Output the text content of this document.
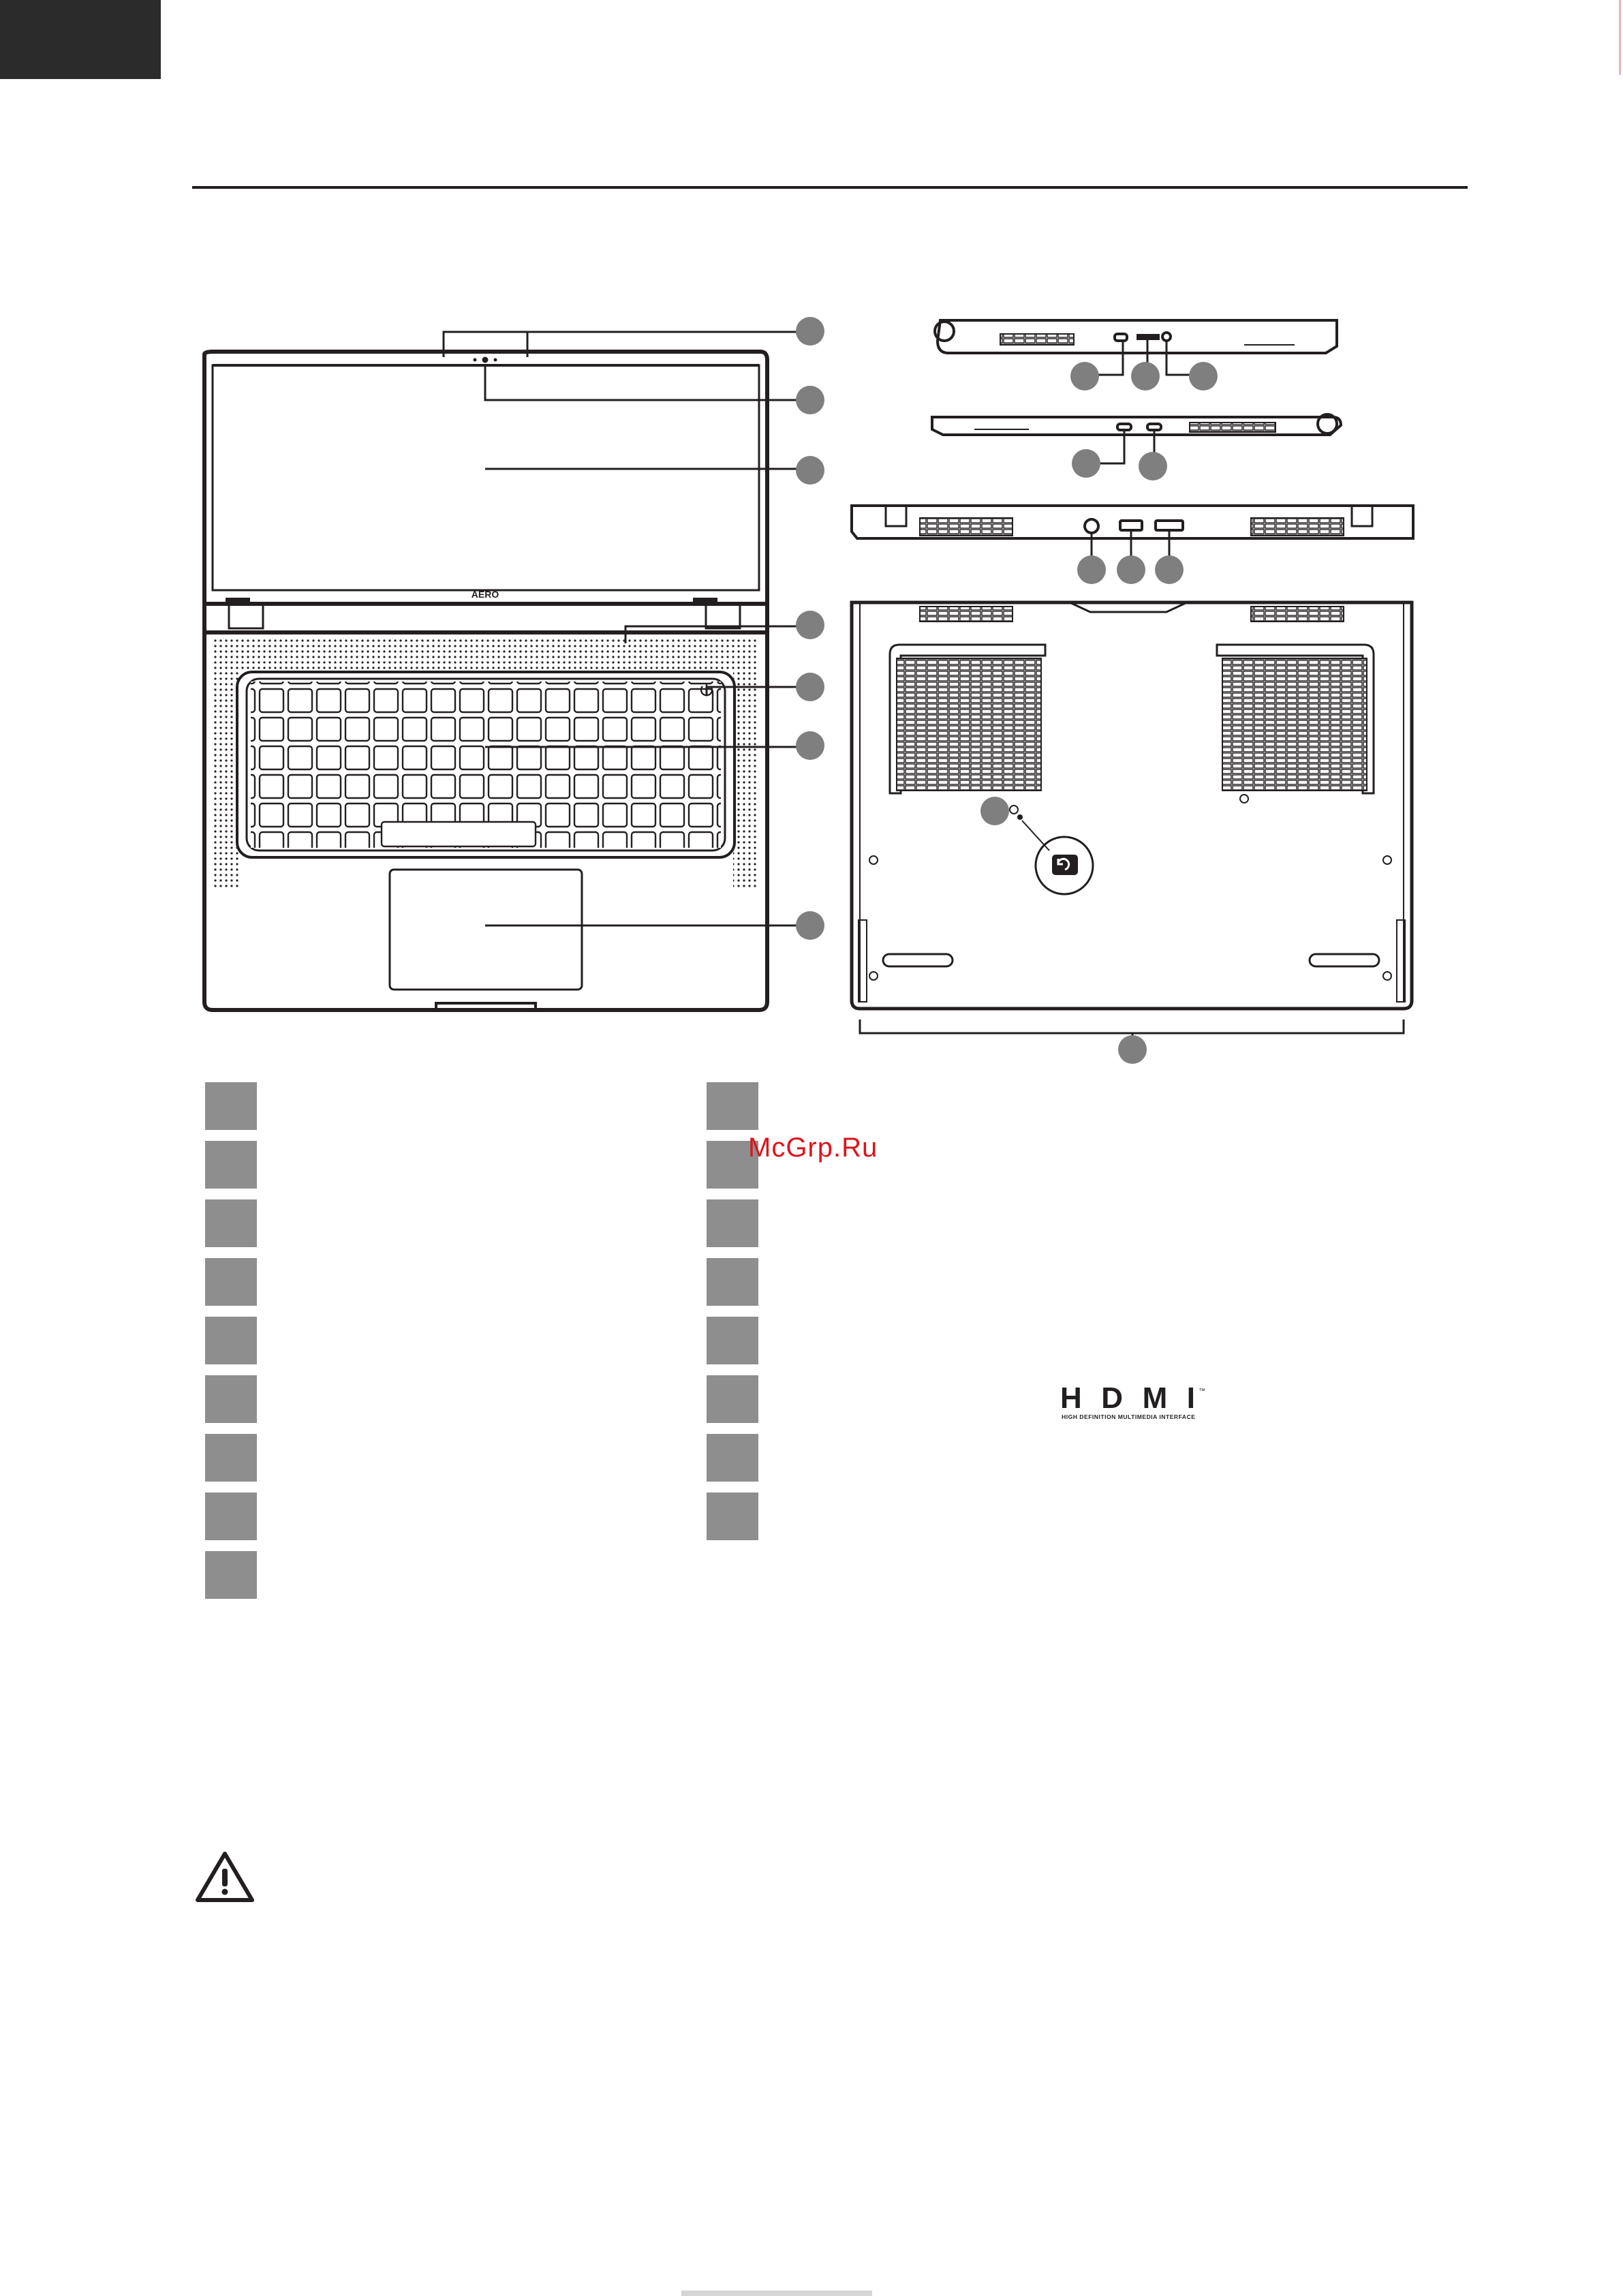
AERO
McGrp.Ru
HDMI ™
HIGH DEFINITION MULTIMEDIA INTERFACE
